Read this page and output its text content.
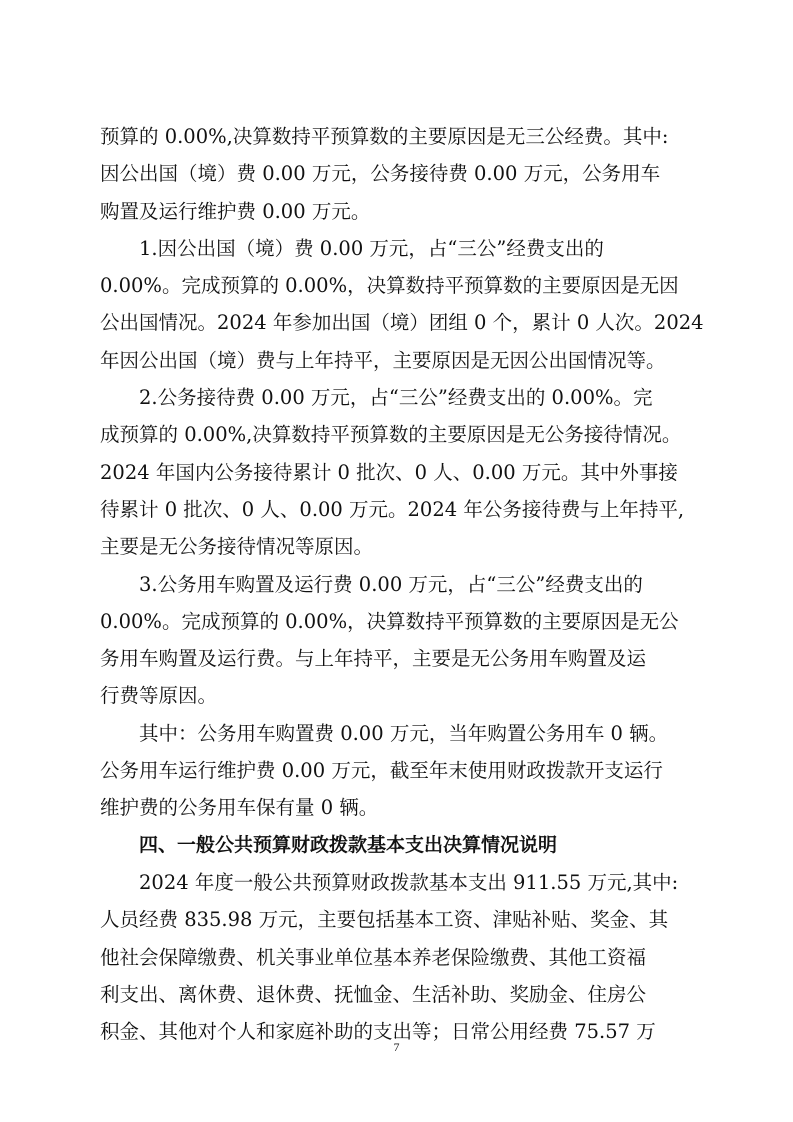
预算的 0.00%,决算数持平预算数的主要原因是无三公经费。其中:
因公出国（境）费 0.00 万元，公务接待费 0.00 万元，公务用车
购置及运行维护费 0.00 万元。
1.因公出国（境）费 0.00 万元，占“三公”经费支出的
0.00%。完成预算的 0.00%，决算数持平预算数的主要原因是无因
公出国情况。2024 年参加出国（境）团组 0 个，累计 0 人次。2024
年因公出国（境）费与上年持平，主要原因是无因公出国情况等。
2.公务接待费 0.00 万元，占“三公”经费支出的 0.00%。完
成预算的 0.00%,决算数持平预算数的主要原因是无公务接待情况。
2024 年国内公务接待累计 0 批次、0 人、0.00 万元。其中外事接
待累计 0 批次、0 人、0.00 万元。2024 年公务接待费与上年持平,
主要是无公务接待情况等原因。
3.公务用车购置及运行费 0.00 万元，占“三公”经费支出的
0.00%。完成预算的 0.00%，决算数持平预算数的主要原因是无公
务用车购置及运行费。与上年持平，主要是无公务用车购置及运
行费等原因。
其中：公务用车购置费 0.00 万元，当年购置公务用车 0 辆。
公务用车运行维护费 0.00 万元，截至年末使用财政拨款开支运行
维护费的公务用车保有量 0 辆。
四、一般公共预算财政拨款基本支出决算情况说明
2024 年度一般公共预算财政拨款基本支出 911.55 万元,其中:
人员经费 835.98 万元，主要包括基本工资、津贴补贴、奖金、其
他社会保障缴费、机关事业单位基本养老保险缴费、其他工资福
利支出、离休费、退休费、抚恤金、生活补助、奖励金、住房公
积金、其他对个人和家庭补助的支出等；日常公用经费 75.57 万
7
